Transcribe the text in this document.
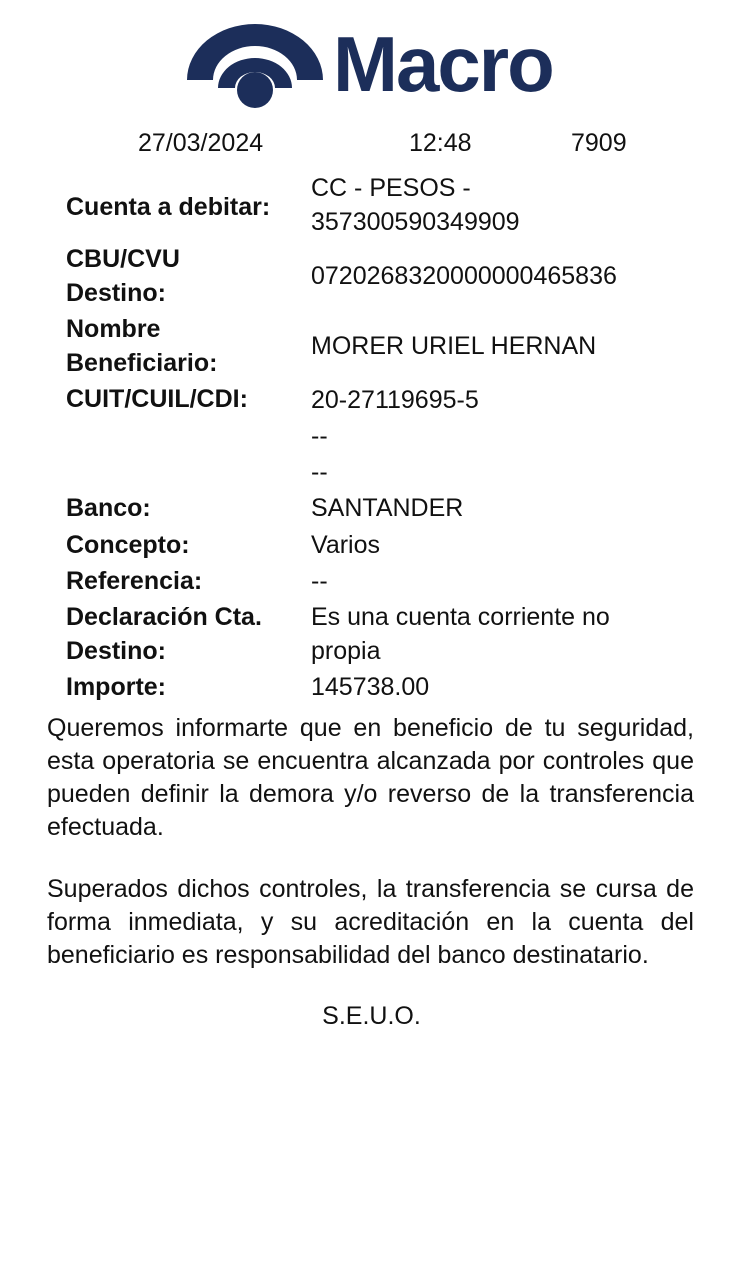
Macro
27/03/2024	12:48	7909
Cuenta a debitar:
CC - PESOS -
357300590349909
CBU/CVU
Destino:
0720268320000000465836
Nombre
Beneficiario:
MORER URIEL HERNAN
CUIT/CUIL/CDI:	20-27119695-5
--
--
Banco:	SANTANDER
Concepto:	Varios
Referencia:	--
Declaración Cta.
Destino:
Es una cuenta corriente no
propia
Importe:	145738.00
Queremos informarte que en beneficio de tu seguridad, esta operatoria se encuentra alcanzada por controles que pueden definir la demora y/o reverso de la transferencia efectuada.
Superados dichos controles, la transferencia se cursa de forma inmediata, y su acreditación en la cuenta del beneficiario es responsabilidad del banco destinatario.
S.E.U.O.
